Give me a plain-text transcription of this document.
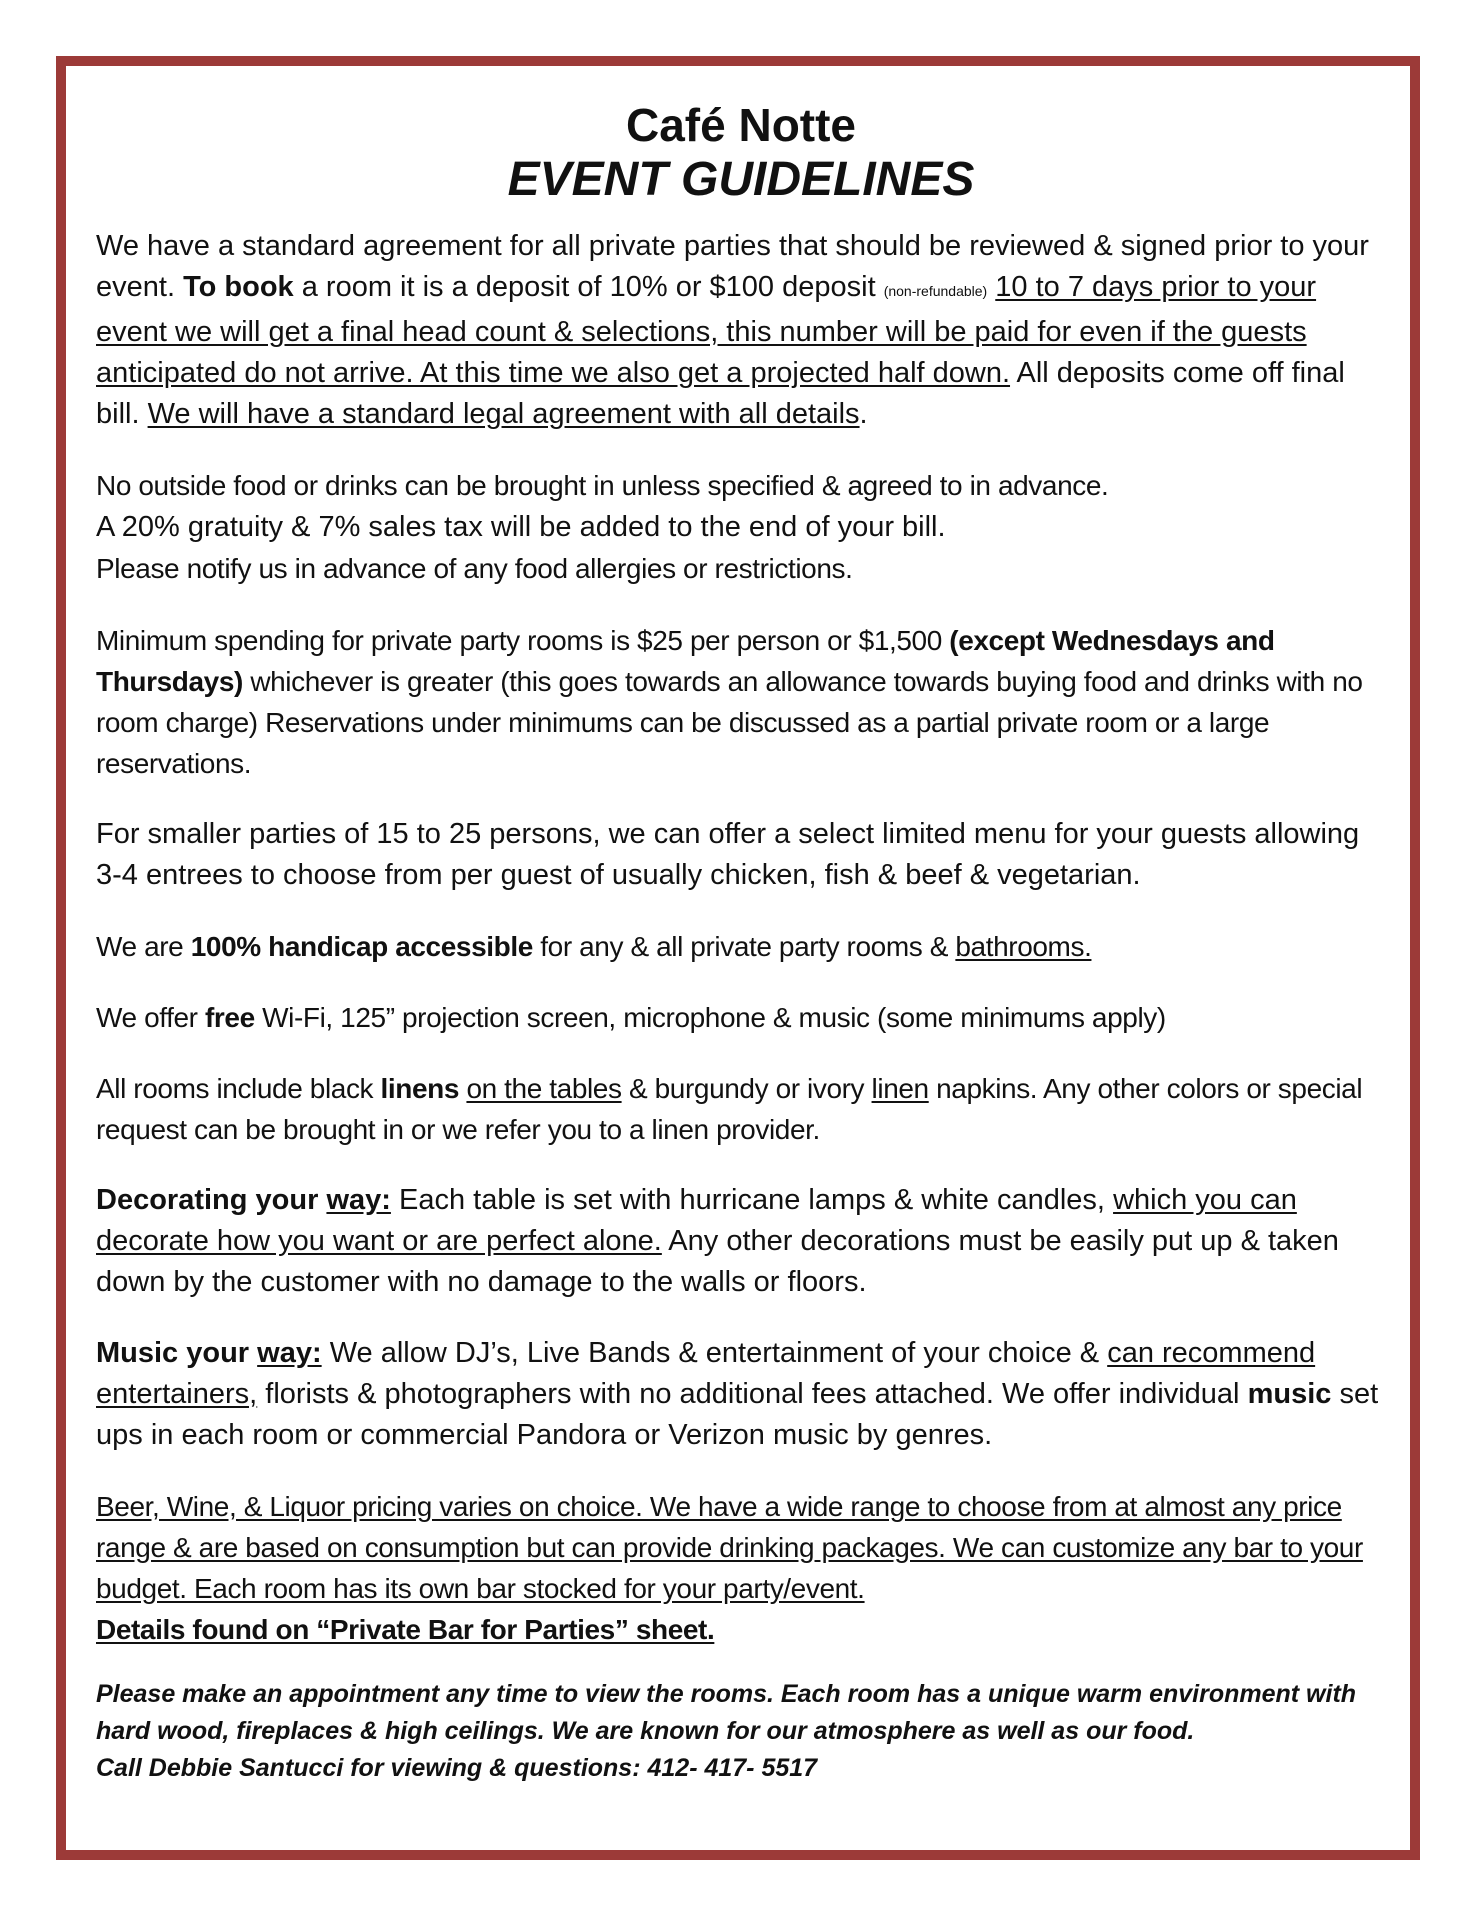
Café Notte
EVENT GUIDELINES

We have a standard agreement for all private parties that should be reviewed & signed prior to your event. To book a room it is a deposit of 10% or $100 deposit (non-refundable) 10 to 7 days prior to your event we will get a final head count & selections, this number will be paid for even if the guests anticipated do not arrive. At this time we also get a projected half down. All deposits come off final bill. We will have a standard legal agreement with all details.

No outside food or drinks can be brought in unless specified & agreed to in advance.
A 20% gratuity & 7% sales tax will be added to the end of your bill.
Please notify us in advance of any food allergies or restrictions.

Minimum spending for private party rooms is $25 per person or $1,500 (except Wednesdays and Thursdays) whichever is greater (this goes towards an allowance towards buying food and drinks with no room charge) Reservations under minimums can be discussed as a partial private room or a large reservations.

For smaller parties of 15 to 25 persons, we can offer a select limited menu for your guests allowing 3-4 entrees to choose from per guest of usually chicken, fish & beef & vegetarian.

We are 100% handicap accessible for any & all private party rooms & bathrooms.

We offer free Wi-Fi, 125” projection screen, microphone & music (some minimums apply)

All rooms include black linens on the tables & burgundy or ivory linen napkins. Any other colors or special request can be brought in or we refer you to a linen provider.

Decorating your way: Each table is set with hurricane lamps & white candles, which you can decorate how you want or are perfect alone. Any other decorations must be easily put up & taken down by the customer with no damage to the walls or floors.

Music your way: We allow DJ’s, Live Bands & entertainment of your choice & can recommend entertainers, florists & photographers with no additional fees attached. We offer individual music set ups in each room or commercial Pandora or Verizon music by genres.

Beer, Wine, & Liquor pricing varies on choice. We have a wide range to choose from at almost any price range & are based on consumption but can provide drinking packages. We can customize any bar to your budget. Each room has its own bar stocked for your party/event.
Details found on “Private Bar for Parties” sheet.

Please make an appointment any time to view the rooms. Each room has a unique warm environment with hard wood, fireplaces & high ceilings. We are known for our atmosphere as well as our food.
Call Debbie Santucci for viewing & questions: 412- 417- 5517
